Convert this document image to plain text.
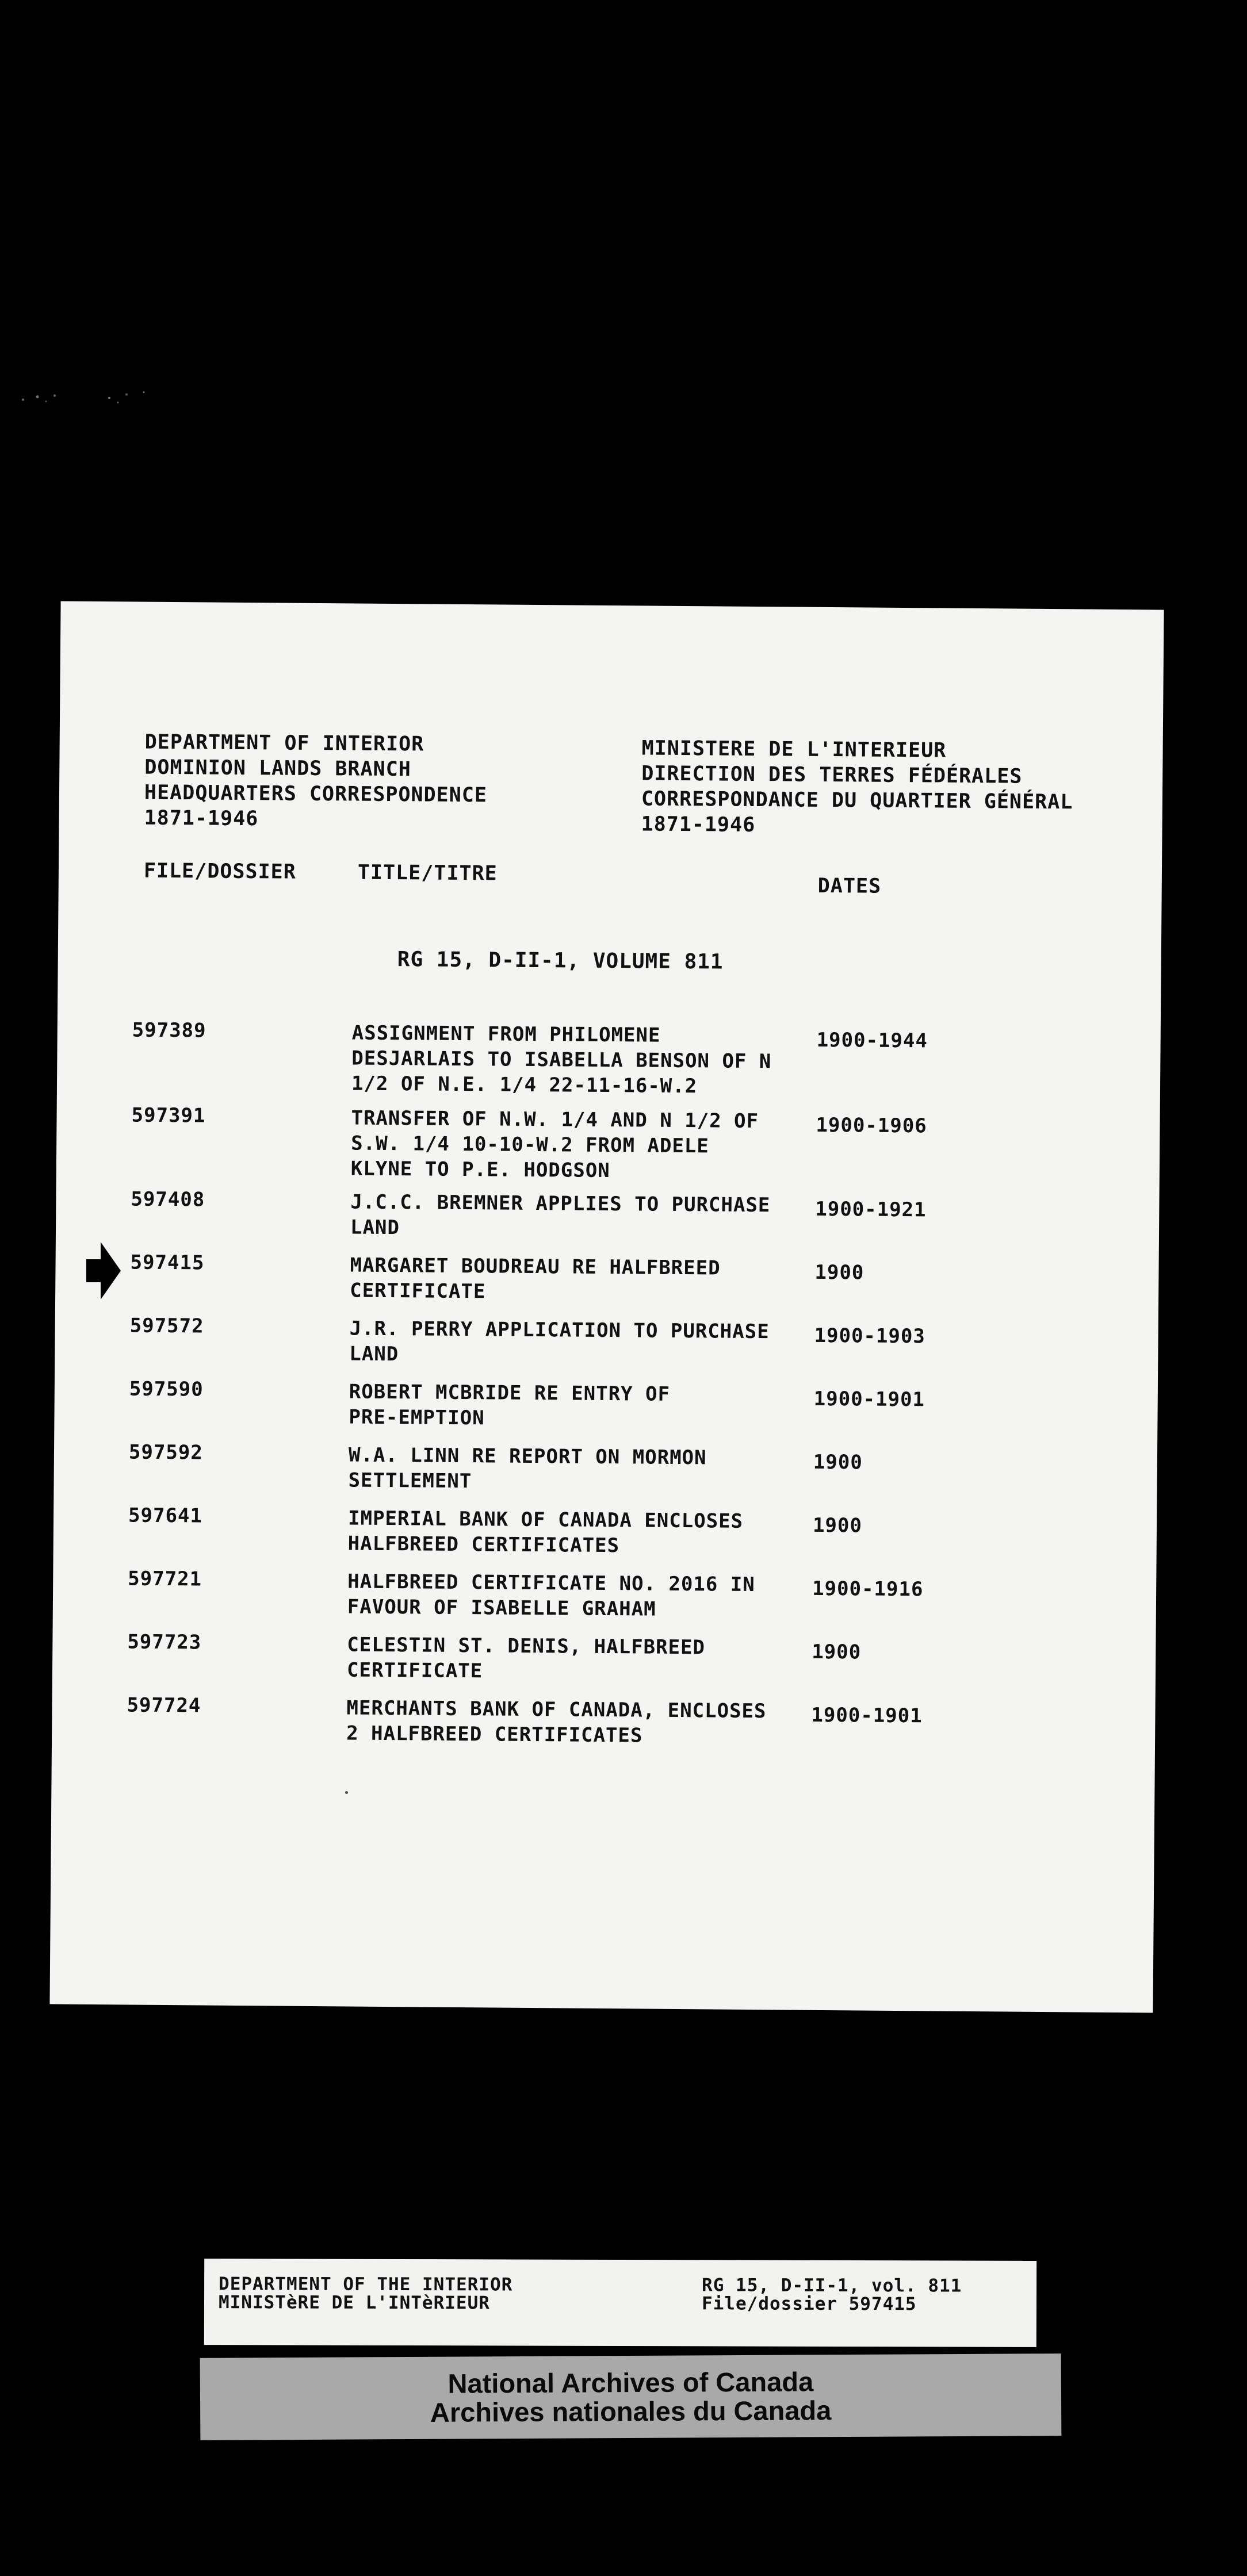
DEPARTMENT OF INTERIOR
DOMINION LANDS BRANCH
HEADQUARTERS CORRESPONDENCE
1871-1946
MINISTERE DE L'INTERIEUR
DIRECTION DES TERRES FÉDÉRALES
CORRESPONDANCE DU QUARTIER GÉNÉRAL
1871-1946
FILE/DOSSIER	TITLE/TITRE
DATES
RG 15, D-II-1, VOLUME 811
597389	ASSIGNMENT FROM PHILOMENE
DESJARLAIS TO ISABELLA BENSON OF N
1/2 OF N.E. 1/4 22-11-16-W.2
1900-1944
597391	TRANSFER OF N.W. 1/4 AND N 1/2 OF
S.W. 1/4 10-10-W.2 FROM ADELE
KLYNE TO P.E. HODGSON
1900-1906
597408	J.C.C. BREMNER APPLIES TO PURCHASE
LAND
1900-1921
597415	MARGARET BOUDREAU RE HALFBREED
CERTIFICATE
1900
597572	J.R. PERRY APPLICATION TO PURCHASE
LAND
1900-1903
597590	ROBERT MCBRIDE RE ENTRY OF
PRE-EMPTION
1900-1901
597592	W.A. LINN RE REPORT ON MORMON
SETTLEMENT
1900
597641	IMPERIAL BANK OF CANADA ENCLOSES
HALFBREED CERTIFICATES
1900
597721	HALFBREED CERTIFICATE NO. 2016 IN
FAVOUR OF ISABELLE GRAHAM
1900-1916
597723	CELESTIN ST. DENIS, HALFBREED
CERTIFICATE
1900
597724	MERCHANTS BANK OF CANADA, ENCLOSES
2 HALFBREED CERTIFICATES
1900-1901
DEPARTMENT OF THE INTERIOR
MINISTèRE DE L'INTèRIEUR
RG 15, D-II-1, vol. 811
File/dossier 597415
National Archives of Canada
Archives nationales du Canada
